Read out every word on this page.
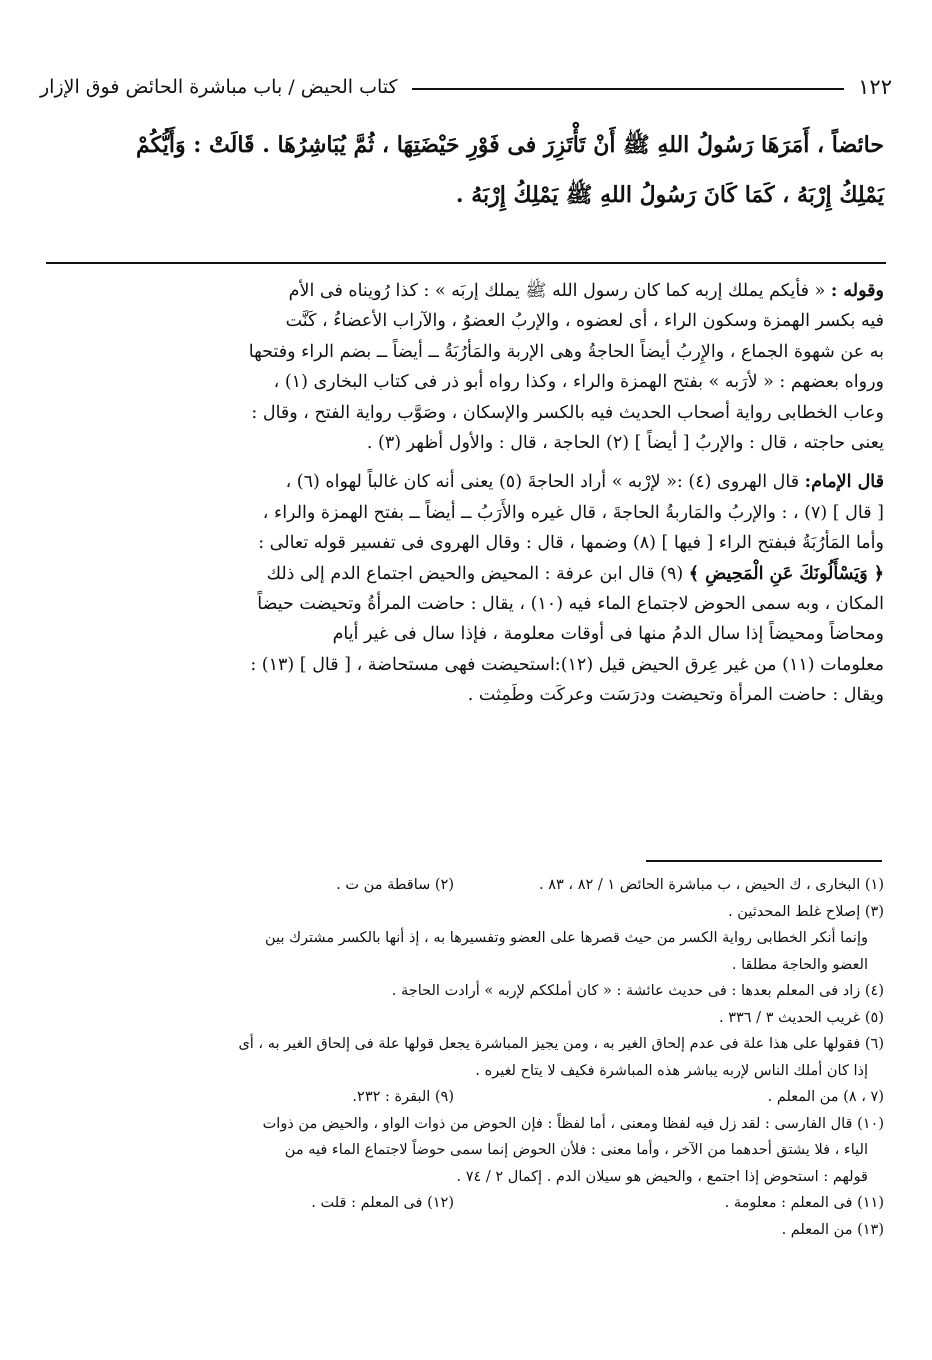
١٢٢
كتاب الحيض / باب مباشرة الحائض فوق الإزار

حائضاً ، أَمَرَهَا رَسُولُ اللهِ ﷺ أَنْ تَأْتَزِرَ فى فَوْرِ حَيْضَتِهَا ، ثُمَّ يُبَاشِرُهَا . قَالَتْ : وَأَيُّكُمْ

يَمْلِكُ إِرْبَهُ ، كَمَا كَانَ رَسُولُ اللهِ ﷺ يَمْلِكُ إِرْبَهُ .

وقوله : « فأيكم يملك إربه كما كان رسول الله ﷺ يملك إربَه » : كذا رُويناه فى الأم

فيه بكسر الهمزة وسكون الراء ، أى لعضوه ، والإربُ العضوُ ، والآراب الأعضاءُ ، كَنَّت

به عن شهوة الجماع ، والإِربُ أيضاً الحاجةُ وهى الإربة والمَأرُبَةُ ــ أيضاً ــ بضم الراء وفتحها

ورواه بعضهم : « لأرَبه » بفتح الهمزة والراء ، وكذا رواه أبو ذر فى كتاب البخارى (١) ،

وعاب الخطابى رواية أصحاب الحديث فيه بالكسر والإسكان ، وصَوَّب رواية الفتح ، وقال :

يعنى حاجته ، قال : والإربُ [ أيضاً ] (٢) الحاجة ، قال : والأول أظهر (٣) .

قال الإمام: قال الهروى (٤) :« لإرْبه » أراد الحاجةَ (٥) يعنى أنه كان غالباً لهواه (٦) ،

[ قال ] (٧) ، : والإربُ والمَاربةُ الحاجةَ ، قال غيره والأَرَبُ ــ أيضاً ــ بفتح الهمزة والراء ،

وأما المَأرُبَةُ فبفتح الراء [ فيها ] (٨) وضمها ، قال : وقال الهروى فى تفسير قوله تعالى :

﴿ وَيَسْأَلُونَكَ عَنِ الْمَحِيضِ ﴾ (٩) قال ابن عرفة : المحيض والحيض اجتماع الدم إلى ذلك

المكان ، وبه سمى الحوض لاجتماع الماء فيه (١٠) ، يقال : حاضت المرأةُ وتحيضت حيضاً

ومحاضاً ومحيضاً إذا سال الدمُ منها فى أوقات معلومة ، فإذا سال فى غير أيام

معلومات (١١) من غير عِرق الحيض قيل (١٢):استحيضت فهى مستحاضة ، [ قال ] (١٣) :

ويقال : حاضت المرأة وتحيضت ودرَسَت وعركَت وطَمِثت .

(١) البخارى ، ك الحيض ، ب مباشرة الحائض ١ / ٨٢ ، ٨٣ .
(٢) ساقطة من ت .

(٣) إصلاح غلط المحدثين .

وإنما أنكر الخطابى رواية الكسر من حيث قصرها على العضو وتفسيرها به ، إذ أنها بالكسر مشترك بين

العضو والحاجة مطلقا .

(٤) زاد فى المعلم بعدها : فى حديث عائشة : « كان أملككم لإربه » أرادت الحاجة .

(٥) غريب الحديث ٣ / ٣٣٦ .

(٦) فقولها على هذا علة فى عدم إلحاق الغير به ، ومن يجيز المباشرة يجعل قولها علة فى إلحاق الغير به ، أى

إذا كان أملك الناس لإربه يباشر هذه المباشرة فكيف لا يتاح لغيره .

(٧ ، ٨) من المعلم .
(٩) البقرة : ٢٣٢.

(١٠) قال الفارسى : لقد زل فيه لفظا ومعنى ، أما لفظاً : فإن الحوض من ذوات الواو ، والحيض من ذوات

الياء ، فلا يشتق أحدهما من الآخر ، وأما معنى : فلأن الحوض إنما سمى حوضاً لاجتماع الماء فيه من

قولهم : استحوض إذا اجتمع ، والحيض هو سيلان الدم . إكمال ٢ / ٧٤ .

(١١) فى المعلم : معلومة .
(١٢) فى المعلم : قلت .

(١٣) من المعلم .
